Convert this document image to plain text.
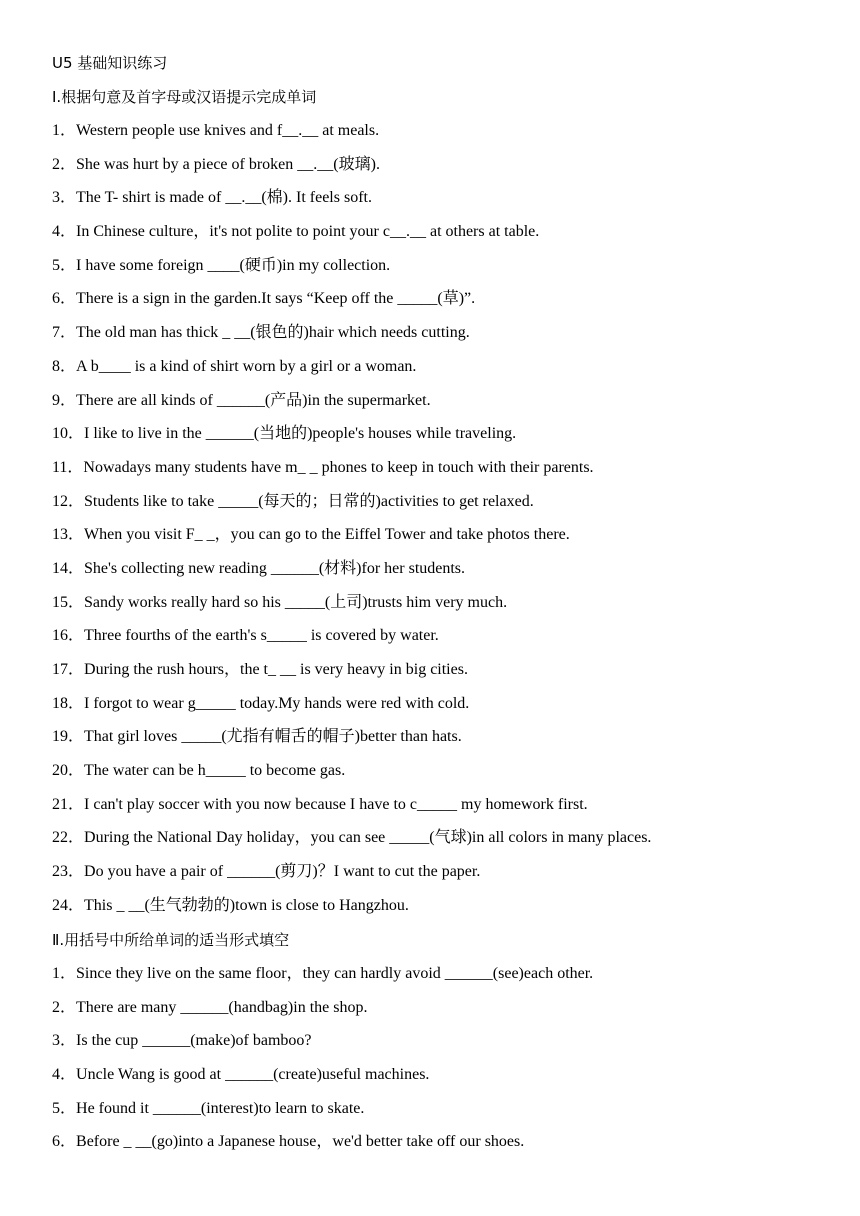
U5 基础知识练习
Ⅰ.根据句意及首字母或汉语提示完成单词
1．Western people use knives and f__.__ at meals.
2．She was hurt by a piece of broken __.__(玻璃).
3．The T- shirt is made of __.__(棉). It feels soft.
4．In Chinese culture，it's not polite to point your c__.__ at others at table.
5．I have some foreign ____(硬币)in my collection.
6．There is a sign in the garden.It says “Keep off the _____(草)”.
7．The old man has thick _ __(银色的)hair which needs cutting.
8．A b____ is a kind of shirt worn by a girl or a woman.
9．There are all kinds of ______(产品)in the supermarket.
10．I like to live in the ______(当地的)people's houses while traveling.
11．Nowadays many students have m_ _ phones to keep in touch with their parents.
12．Students like to take _____(每天的；日常的)activities to get relaxed.
13．When you visit F_ _，you can go to the Eiffel Tower and take photos there.
14．She's collecting new reading ______(材料)for her students.
15．Sandy works really hard so his _____(上司)trusts him very much.
16．Three fourths of the earth's s_____ is covered by water.
17．During the rush hours，the t_ __ is very heavy in big cities.
18．I forgot to wear g_____ today.My hands were red with cold.
19．That girl loves _____(尤指有帽舌的帽子)better than hats.
20．The water can be h_____ to become gas.
21．I can't play soccer with you now because I have to c_____ my homework first.
22．During the National Day holiday，you can see _____(气球)in all colors in many places.
23．Do you have a pair of ______(剪刀)？I want to cut the paper.
24．This _ __(生气勃勃的)town is close to Hangzhou.
Ⅱ.用括号中所给单词的适当形式填空
1．Since they live on the same floor，they can hardly avoid ______(see)each other.
2．There are many ______(handbag)in the shop.
3．Is the cup ______(make)of bamboo?
4．Uncle Wang is good at ______(create)useful machines.
5．He found it ______(interest)to learn to skate.
6．Before _ __(go)into a Japanese house，we'd better take off our shoes.
